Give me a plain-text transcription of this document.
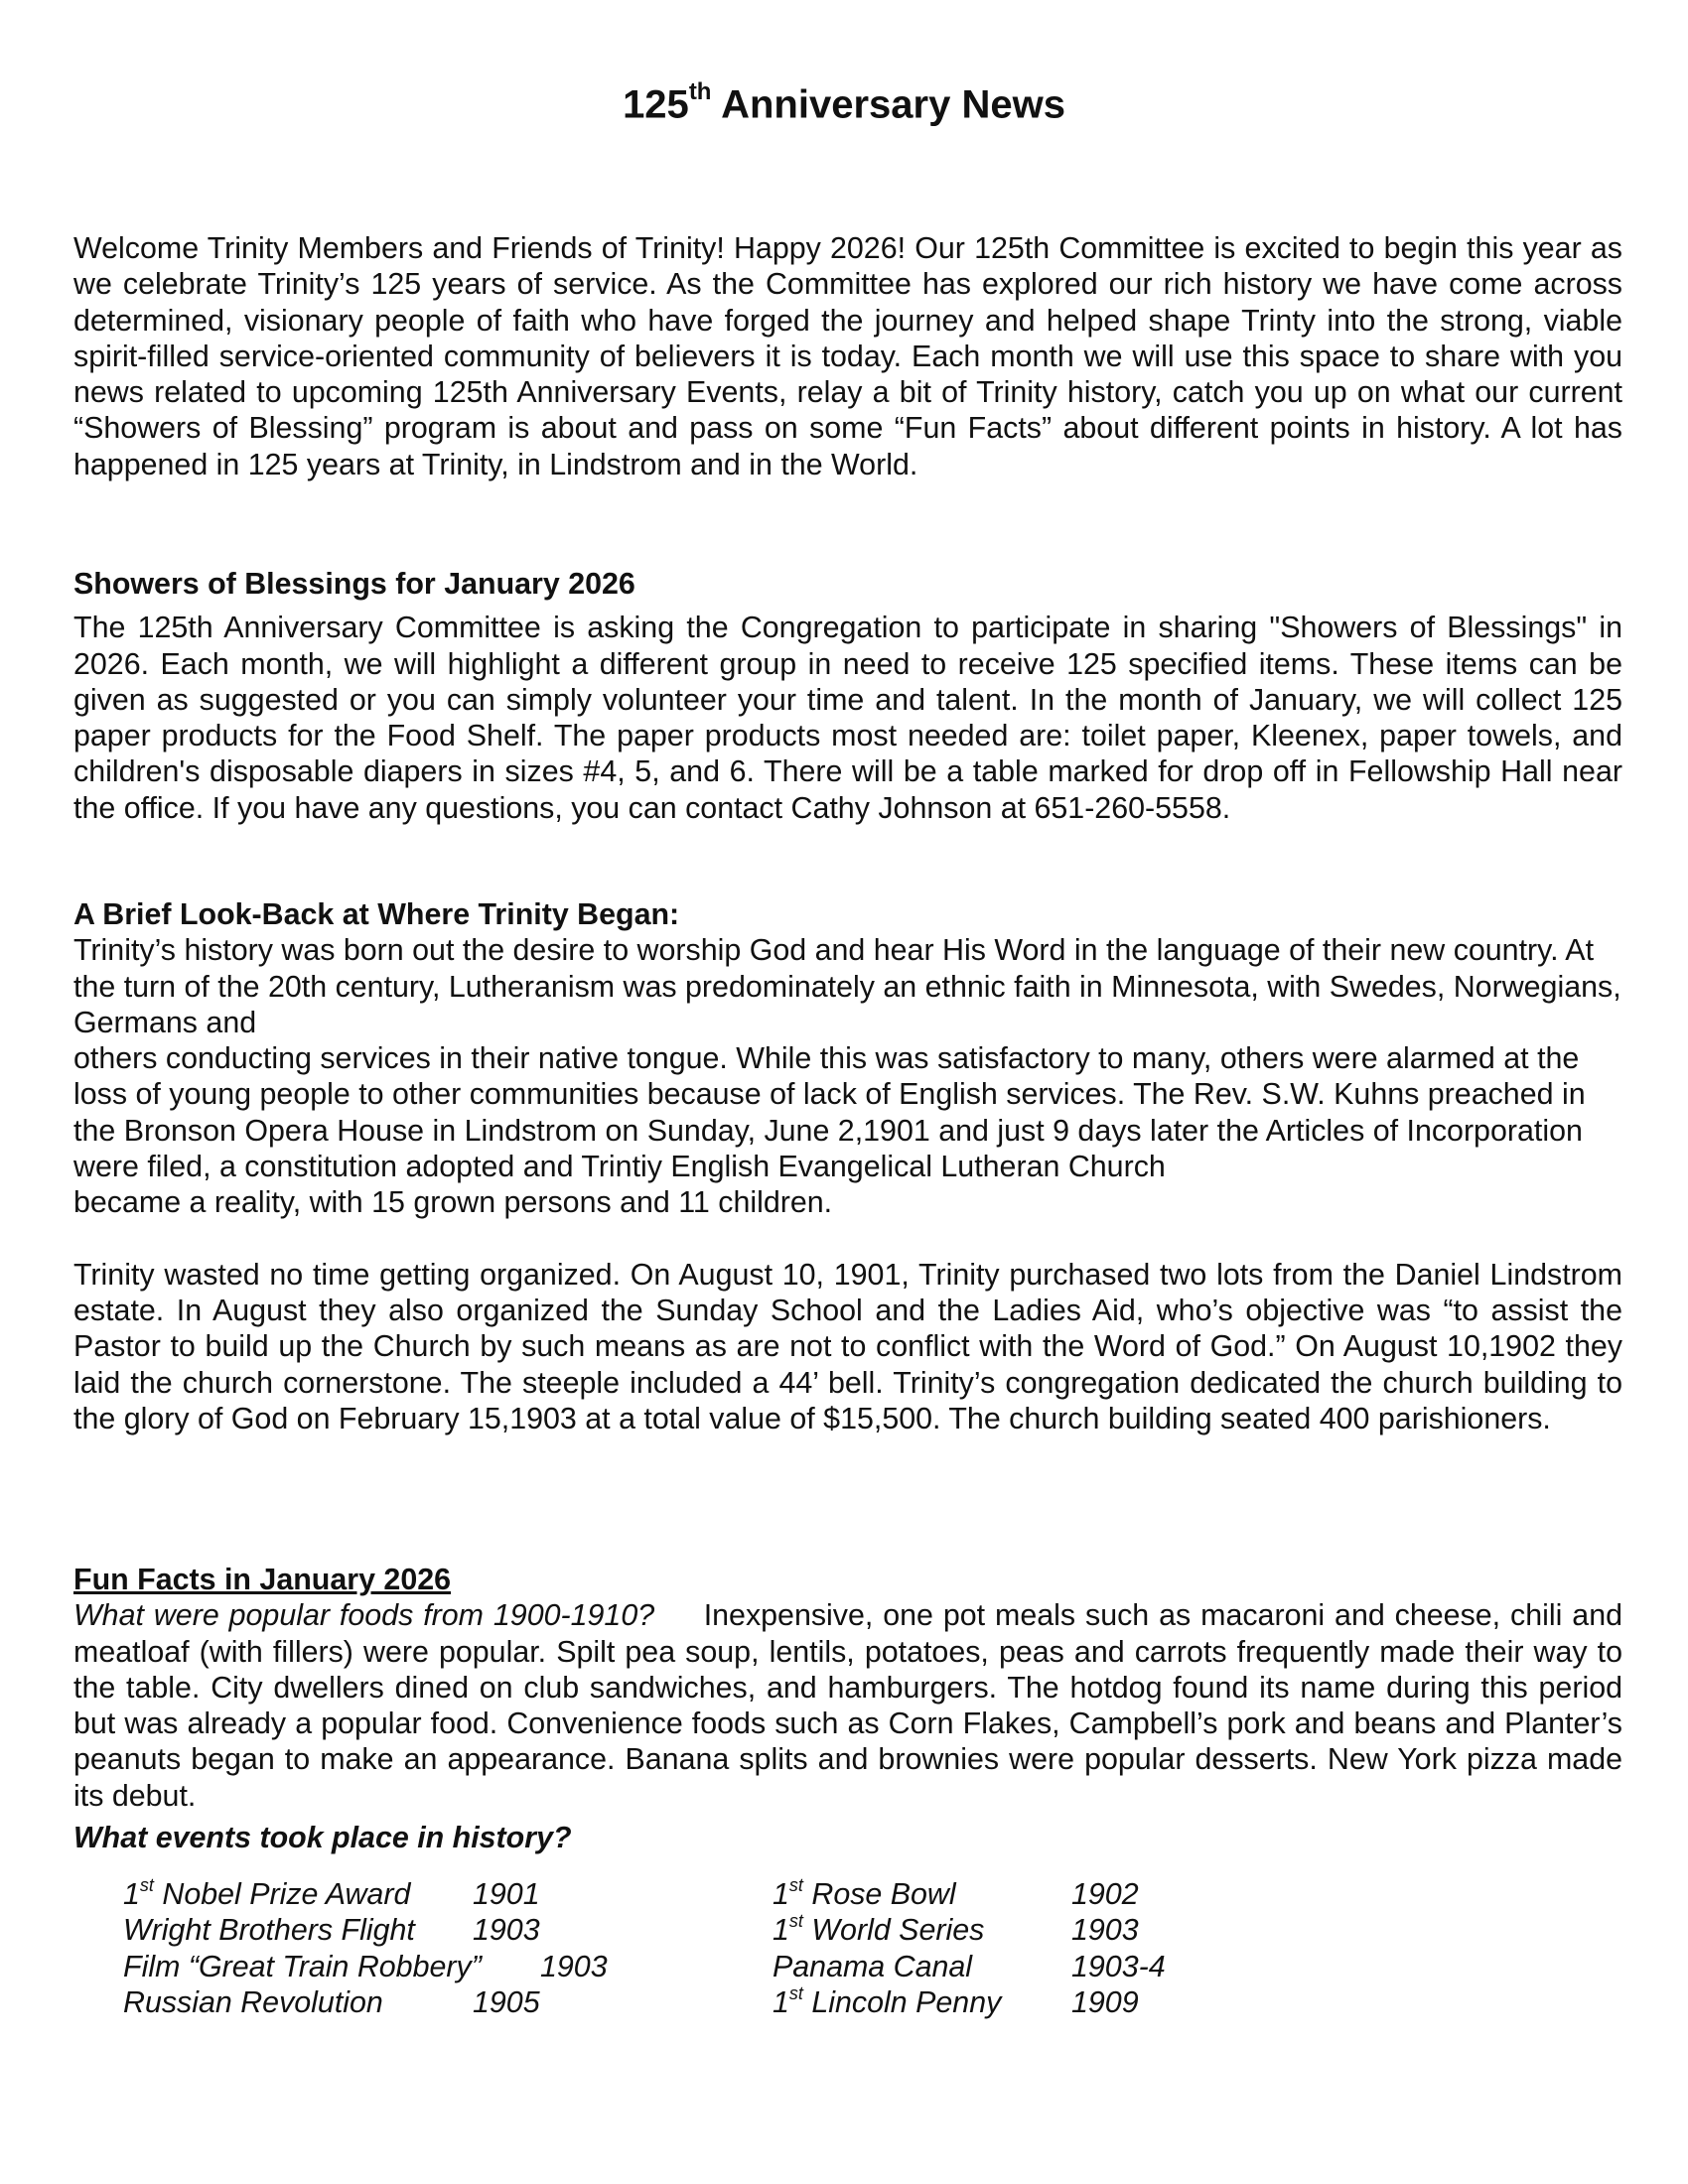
125th Anniversary News

Welcome Trinity Members and Friends of Trinity! Happy 2026! Our 125th Committee is excited to begin this year as we celebrate Trinity’s 125 years of service. As the Committee has explored our rich history we have come across determined, visionary people of faith who have forged the journey and helped shape Trinty into the strong, viable spirit-filled service-oriented community of believers it is today. Each month we will use this space to share with you news related to upcoming 125th Anniversary Events, relay a bit of Trinity history, catch you up on what our current “Showers of Blessing” program is about and pass on some “Fun Facts” about different points in history. A lot has happened in 125 years at Trinity, in Lindstrom and in the World.

Showers of Blessings for January 2026

The 125th Anniversary Committee is asking the Congregation to participate in sharing "Showers of Blessings" in 2026. Each month, we will highlight a different group in need to receive 125 specified items. These items can be given as suggested or you can simply volunteer your time and talent. In the month of January, we will collect 125 paper products for the Food Shelf. The paper products most needed are: toilet paper, Kleenex, paper towels, and children's disposable diapers in sizes #4, 5, and 6. There will be a table marked for drop off in Fellowship Hall near the office. If you have any questions, you can contact Cathy Johnson at 651-260-5558.

A Brief Look-Back at Where Trinity Began:

Trinity’s history was born out the desire to worship God and hear His Word in the language of their new country. At the turn of the 20th century, Lutheranism was predominately an ethnic faith in Minnesota, with Swedes, Norwegians, Germans and

others conducting services in their native tongue. While this was satisfactory to many, others were alarmed at the loss of young people to other communities because of lack of English services. The Rev. S.W. Kuhns preached in the Bronson Opera House in Lindstrom on Sunday, June 2,1901 and just 9 days later the Articles of Incorporation were filed, a constitution adopted and Trintiy English Evangelical Lutheran Church

became a reality, with 15 grown persons and 11 children.

Trinity wasted no time getting organized. On August 10, 1901, Trinity purchased two lots from the Daniel Lindstrom estate. In August they also organized the Sunday School and the Ladies Aid, who’s objective was “to assist the Pastor to build up the Church by such means as are not to conflict with the Word of God.” On August 10,1902 they laid the church cornerstone. The steeple included a 44’ bell. Trinity’s congregation dedicated the church building to the glory of God on February 15,1903 at a total value of $15,500. The church building seated 400 parishioners.

Fun Facts in January 2026

What were popular foods from 1900-1910? Inexpensive, one pot meals such as macaroni and cheese, chili and meatloaf (with fillers) were popular. Spilt pea soup, lentils, potatoes, peas and carrots frequently made their way to the table. City dwellers dined on club sandwiches, and hamburgers. The hotdog found its name during this period but was already a popular food. Convenience foods such as Corn Flakes, Campbell’s pork and beans and Planter’s peanuts began to make an appearance. Banana splits and brownies were popular desserts. New York pizza made its debut.

What events took place in history?

1st Nobel Prize Award 1901	1st Rose Bowl	1902
Wright Brothers Flight 1903	1st World Series	1903
Film “Great Train Robbery” 1903	Panama Canal	1903-4
Russian Revolution	1905	1st Lincoln Penny 1909
